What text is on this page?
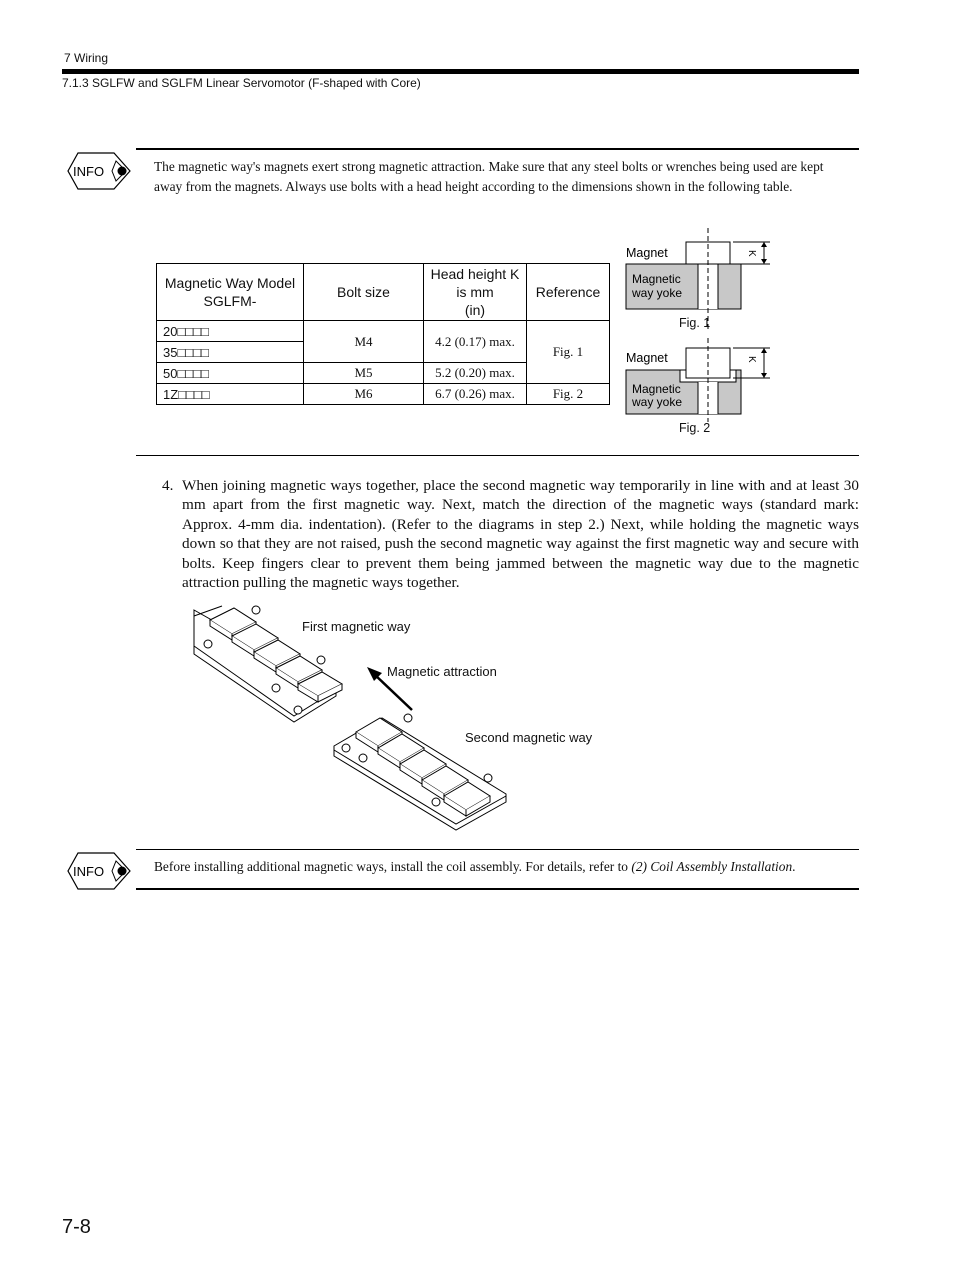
7 Wiring
7.1.3 SGLFW and SGLFM Linear Servomotor (F-shaped with Core)
INFO	The magnetic way's magnets exert strong magnetic attraction. Make sure that any steel bolts or wrenches being used are kept away from the magnets. Always use bolts with a head height according to the dimensions shown in the following table.
Magnetic Way Model
SGLFM-	Bolt size	Head height K
is mm
(in)	Reference
20□□□□	M4	4.2 (0.17) max.	Fig. 1
35□□□□			
50□□□□	M5	5.2 (0.20) max.	
1Z□□□□	M6	6.7 (0.26) max.	Fig. 2
Magnet
Magnetic
way yoke
K
Fig. 1
Magnet
Magnetic
way yoke
K
Fig. 2
4. When joining magnetic ways together, place the second magnetic way temporarily in line with and at least 30 mm apart from the first magnetic way. Next, match the direction of the magnetic ways (standard mark: Approx. 4-mm dia. indentation). (Refer to the diagrams in step 2.) Next, while holding the magnetic ways down so that they are not raised, push the second magnetic way against the first magnetic way and secure with bolts. Keep fingers clear to prevent them being jammed between the magnetic way due to the magnetic attraction pulling the magnetic ways together.
First magnetic way
Magnetic attraction
Second magnetic way
INFO	Before installing additional magnetic ways, install the coil assembly. For details, refer to (2) Coil Assembly Installation.
7-8
